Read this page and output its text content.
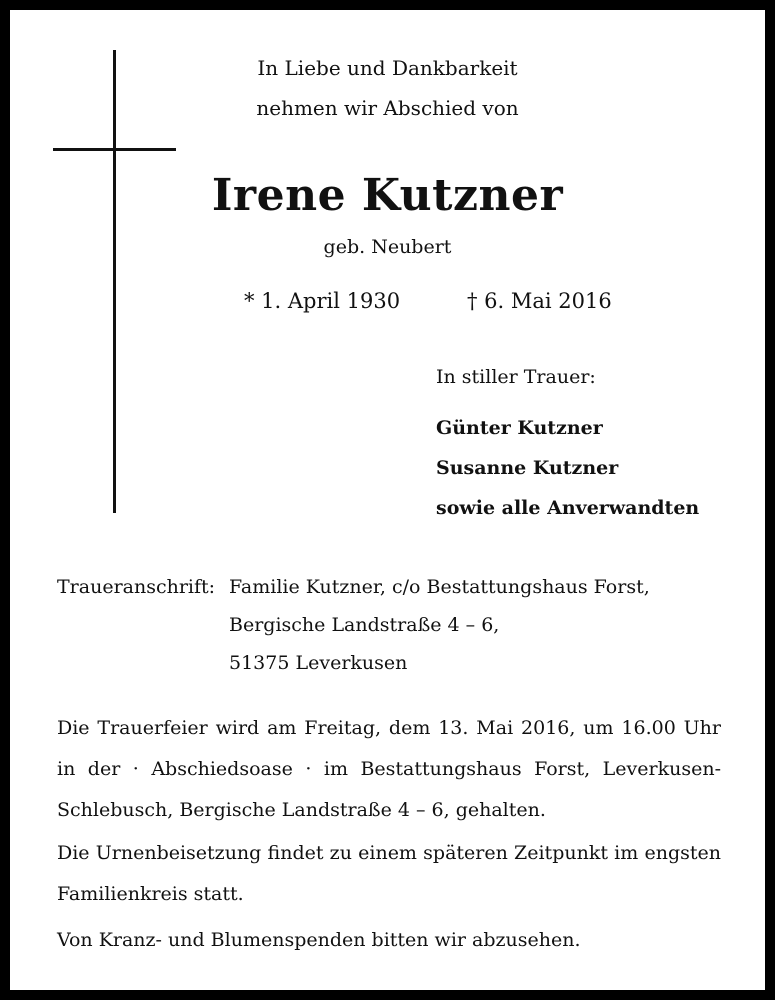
In Liebe und Dankbarkeit
nehmen wir Abschied von
Irene Kutzner
geb. Neubert
* 1. April 1930	† 6. Mai 2016
In stiller Trauer:
Günter Kutzner
Susanne Kutzner
sowie alle Anverwandten
Traueranschrift: Familie Kutzner, c/o Bestattungshaus Forst,
Bergische Landstraße 4 – 6,
51375 Leverkusen
Die Trauerfeier wird am Freitag, dem 13. Mai 2016, um 16.00 Uhr in der · Abschiedsoase · im Bestattungshaus Forst, Leverkusen-Schlebusch, Bergische Landstraße 4 – 6, gehalten.
Die Urnenbeisetzung findet zu einem späteren Zeitpunkt im engsten Familienkreis statt.
Von Kranz- und Blumenspenden bitten wir abzusehen.
